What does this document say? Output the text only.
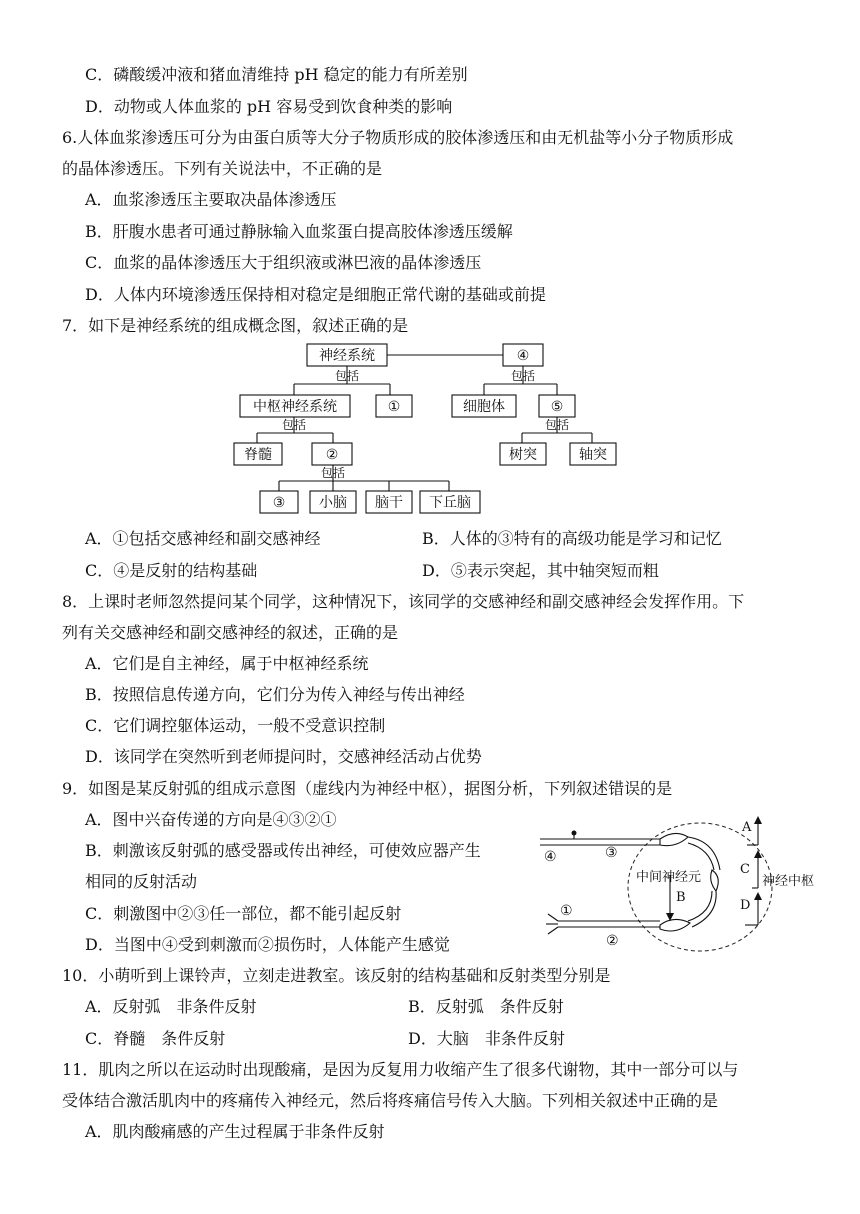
C．磷酸缓冲液和猪血清维持 pH 稳定的能力有所差别
D．动物或人体血浆的 pH 容易受到饮食种类的影响
6.人体血浆渗透压可分为由蛋白质等大分子物质形成的胶体渗透压和由无机盐等小分子物质形成
的晶体渗透压。下列有关说法中，不正确的是
A．血浆渗透压主要取决晶体渗透压
B．肝腹水患者可通过静脉输入血浆蛋白提高胶体渗透压缓解
C．血浆的晶体渗透压大于组织液或淋巴液的晶体渗透压
D．人体内环境渗透压保持相对稳定是细胞正常代谢的基础或前提
7．如下是神经系统的组成概念图，叙述正确的是
神经系统	④
包括	包括
中枢神经系统	①	细胞体	⑤
包括	包括
脊髓	②	树突	轴突
包括
③ 小脑 脑干 下丘脑
A．①包括交感神经和副交感神经	B．人体的③特有的高级功能是学习和记忆
C．④是反射的结构基础	D．⑤表示突起，其中轴突短而粗
8．上课时老师忽然提问某个同学，这种情况下，该同学的交感神经和副交感神经会发挥作用。下
列有关交感神经和副交感神经的叙述，正确的是
A．它们是自主神经，属于中枢神经系统
B．按照信息传递方向，它们分为传入神经与传出神经
C．它们调控躯体运动，一般不受意识控制
D．该同学在突然听到老师提问时，交感神经活动占优势
9．如图是某反射弧的组成示意图（虚线内为神经中枢），据图分析，下列叙述错误的是
A．图中兴奋传递的方向是④③②①
B．刺激该反射弧的感受器或传出神经，可使效应器产生
相同的反射活动
C．刺激图中②③任一部位，都不能引起反射
D．当图中④受到刺激而②损伤时，人体能产生感觉
④	③
①
②
中间神经元
B
A
C
D
神经中枢
10．小萌听到上课铃声，立刻走进教室。该反射的结构基础和反射类型分别是
A．反射弧　非条件反射	B．反射弧　条件反射
C．脊髓　条件反射	D．大脑　非条件反射
11．肌肉之所以在运动时出现酸痛，是因为反复用力收缩产生了很多代谢物，其中一部分可以与
受体结合激活肌肉中的疼痛传入神经元，然后将疼痛信号传入大脑。下列相关叙述中正确的是
A．肌肉酸痛感的产生过程属于非条件反射
